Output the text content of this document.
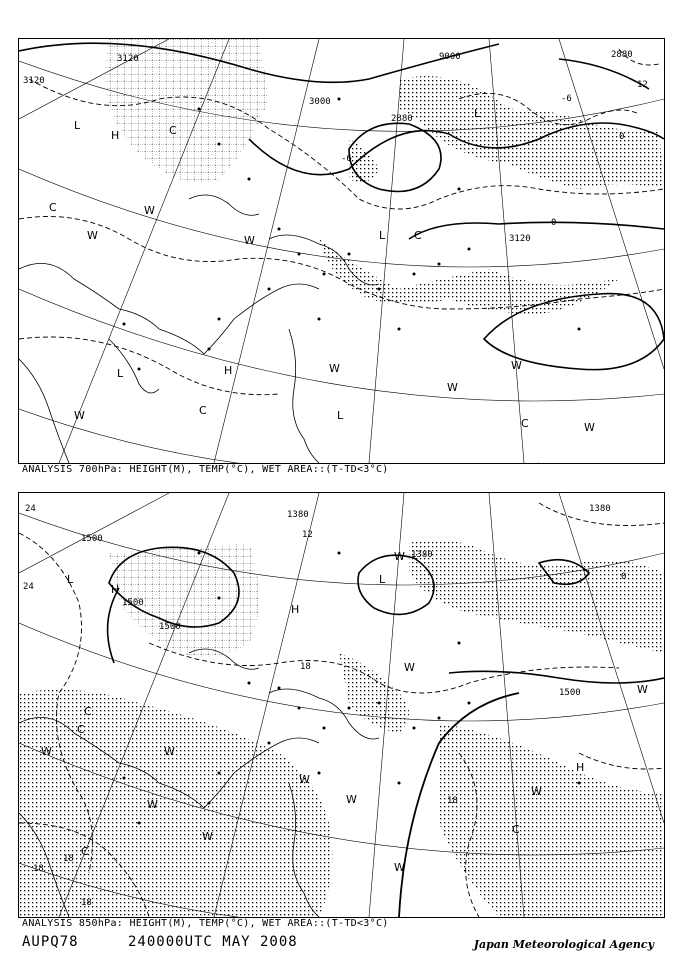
L
H
C
W
W
L
C
H
W
C
L
W
W
C
W
W
L
C
W	L
3120
3120	9000	2880
3000
2880
3120
12
-6
-6
0
0
ANALYSIS 700hPa: HEIGHT(M), TEMP(°C), WET AREA::(T-TD<3°C)
L
H
W	W
C
W
C
W
W
C
W
L
W
W
H
W
W
C
W
H
24
24
1500
1500
1500
1380
1380
1380
1500
18
18
18
18
18
12
0
ANALYSIS 850hPa: HEIGHT(M), TEMP(°C), WET AREA::(T-TD<3°C)
AUPQ78	240000UTC MAY 2008	Japan Meteorological Agency
